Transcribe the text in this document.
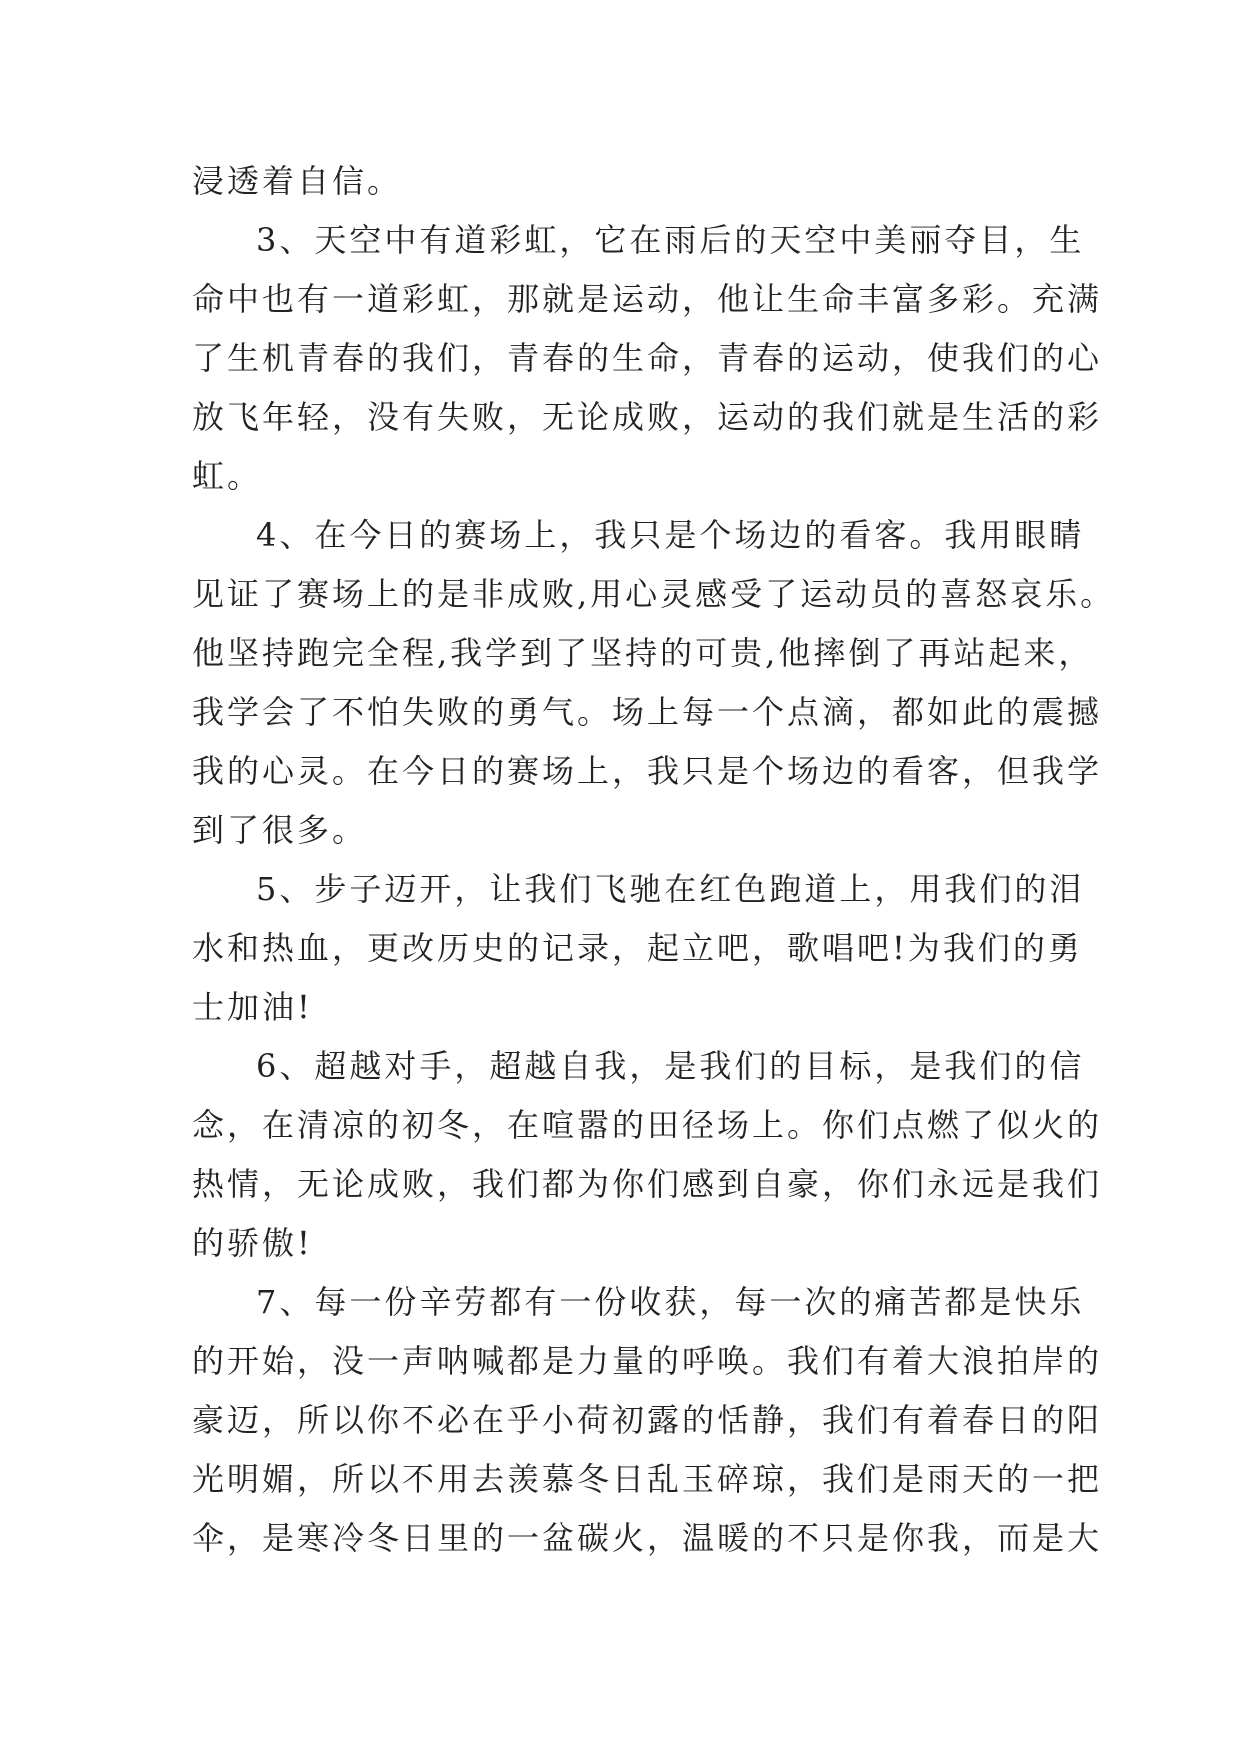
浸透着自信。
3、天空中有道彩虹，它在雨后的天空中美丽夺目，生
命中也有一道彩虹，那就是运动，他让生命丰富多彩。充满
了生机青春的我们，青春的生命，青春的运动，使我们的心
放飞年轻，没有失败，无论成败，运动的我们就是生活的彩
虹。
4、在今日的赛场上，我只是个场边的看客。我用眼睛
见证了赛场上的是非成败,用心灵感受了运动员的喜怒哀乐。
他坚持跑完全程,我学到了坚持的可贵,他摔倒了再站起来，
我学会了不怕失败的勇气。场上每一个点滴，都如此的震撼
我的心灵。在今日的赛场上，我只是个场边的看客，但我学
到了很多。
5、步子迈开，让我们飞驰在红色跑道上，用我们的泪
水和热血，更改历史的记录，起立吧，歌唱吧!为我们的勇
士加油!
6、超越对手，超越自我，是我们的目标，是我们的信
念，在清凉的初冬，在喧嚣的田径场上。你们点燃了似火的
热情，无论成败，我们都为你们感到自豪，你们永远是我们
的骄傲!
7、每一份辛劳都有一份收获，每一次的痛苦都是快乐
的开始，没一声呐喊都是力量的呼唤。我们有着大浪拍岸的
豪迈，所以你不必在乎小荷初露的恬静，我们有着春日的阳
光明媚，所以不用去羡慕冬日乱玉碎琼，我们是雨天的一把
伞，是寒冷冬日里的一盆碳火，温暖的不只是你我，而是大
